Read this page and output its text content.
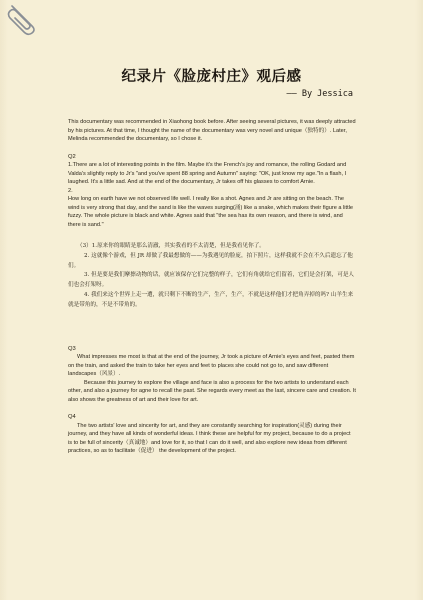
纪录片《脸庞村庄》观后感
—— By Jessica

This documentary was recommended in Xiaohong book before. After seeing several pictures, it was deeply attracted by his pictures. At that time, I thought the name of the documentary was very novel and unique（独特的）. Later, Melinda recommended the documentary, so I chose it.

Q2

1.There are a lot of interesting points in the film. Maybe it's the French's joy and romance, the rolling Godard and Valda's slightly reply to Jr's "and you've spent 88 spring and Autumn" saying: "OK, just know my age."In a flash, I laughed. It's a little sad. And at the end of the documentary, Jr takes off his glasses to comfort Arnie.

2.

How long on earth have we not observed life well. I really like a shot. Agnes and Jr are sitting on the beach. The wind is very strong that day, and the sand is like the waves surging(涌) like a snake, which makes their figure a little fuzzy. The whole picture is black and white. Agnes said that "the sea has its own reason, and there is wind, and there is sand."

（3）1.原来你的眼睛是那么清澈，其实我看的不太清楚，但是我看见你了。

2. 这就像个游戏，但 JR 却做了我最想做的——为我遇见的脸庞，拍下照片，这样我就不会在不久后遗忘了他们。

3. 但是要是我们摩擦动物的话，就应该保存它们完整的样子，它们有角就给它们留着，它们是会打架，可是人们也会打架呀。

4. 我们来这个世界上走一遭，就只剩下不断的生产，生产，生产，不就是这样他们才把角弄掉的吗? 山羊生来就是带角的，不是不带角的。

Q3

What impresses me most is that at the end of the journey, Jr took a picture of Arnie's eyes and feet, pasted them on the train, and asked the train to take her eyes and feet to places she could not go to, and saw different landscapes（风景）.

Because this journey to explore the village and face is also a process for the two artists to understand each other, and also a journey for agne to recall the past. She regards every meet as the last, sincere care and creation. It also shows the greatness of art and their love for art.

Q4

The two artists' love and sincerity for art, and they are constantly searching for inspiration(灵感) during their journey, and they have all kinds of wonderful ideas. I think these are helpful for my project, because to do a project is to be full of sincerity（真诚地）and love for it, so that I can do it well, and also explore new ideas from different practices, so as to facilitate（促进） the development of the project.
